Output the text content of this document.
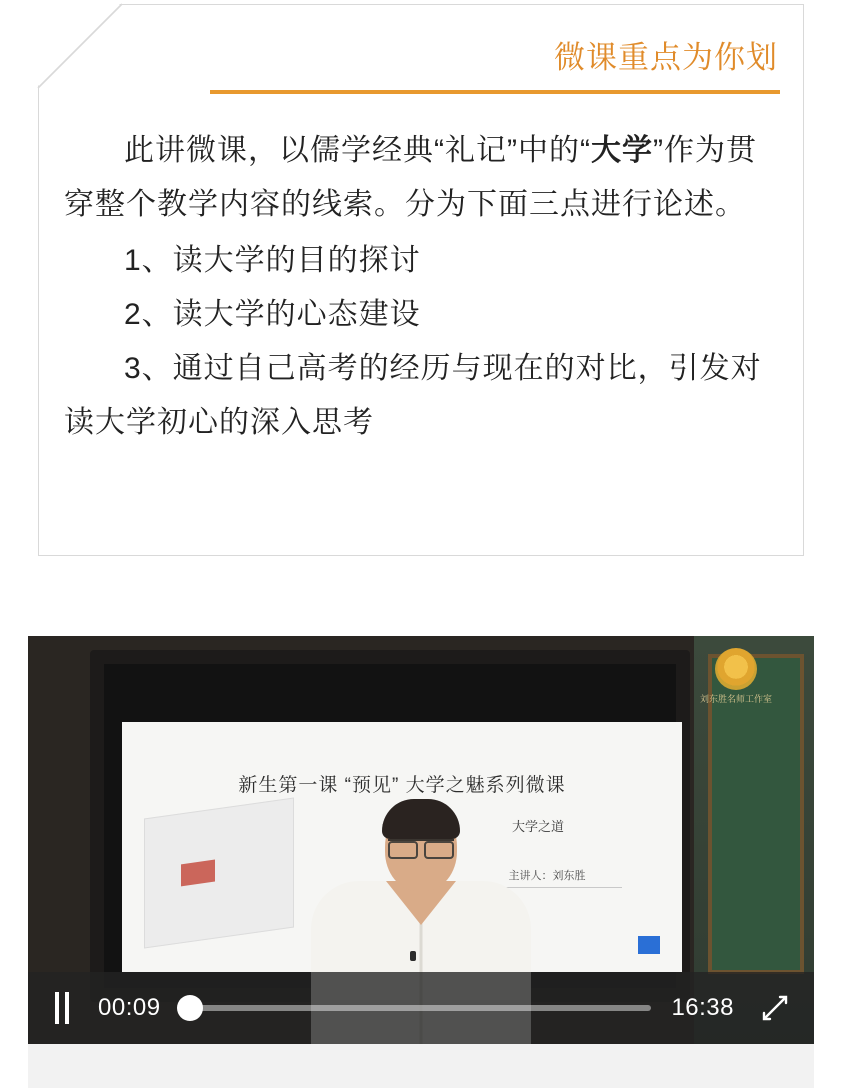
微课重点为你划
此讲微课，以儒学经典“礼记”中的“大学”作为贯穿整个教学内容的线索。分为下面三点进行论述。
1、读大学的目的探讨
2、读大学的心态建设
3、通过自己高考的经历与现在的对比，引发对读大学初心的深入思考
刘东胜名师工作室
新生第一课 “预见” 大学之魅系列微课
大学之道
主讲人：刘东胜
00:09	16:38
